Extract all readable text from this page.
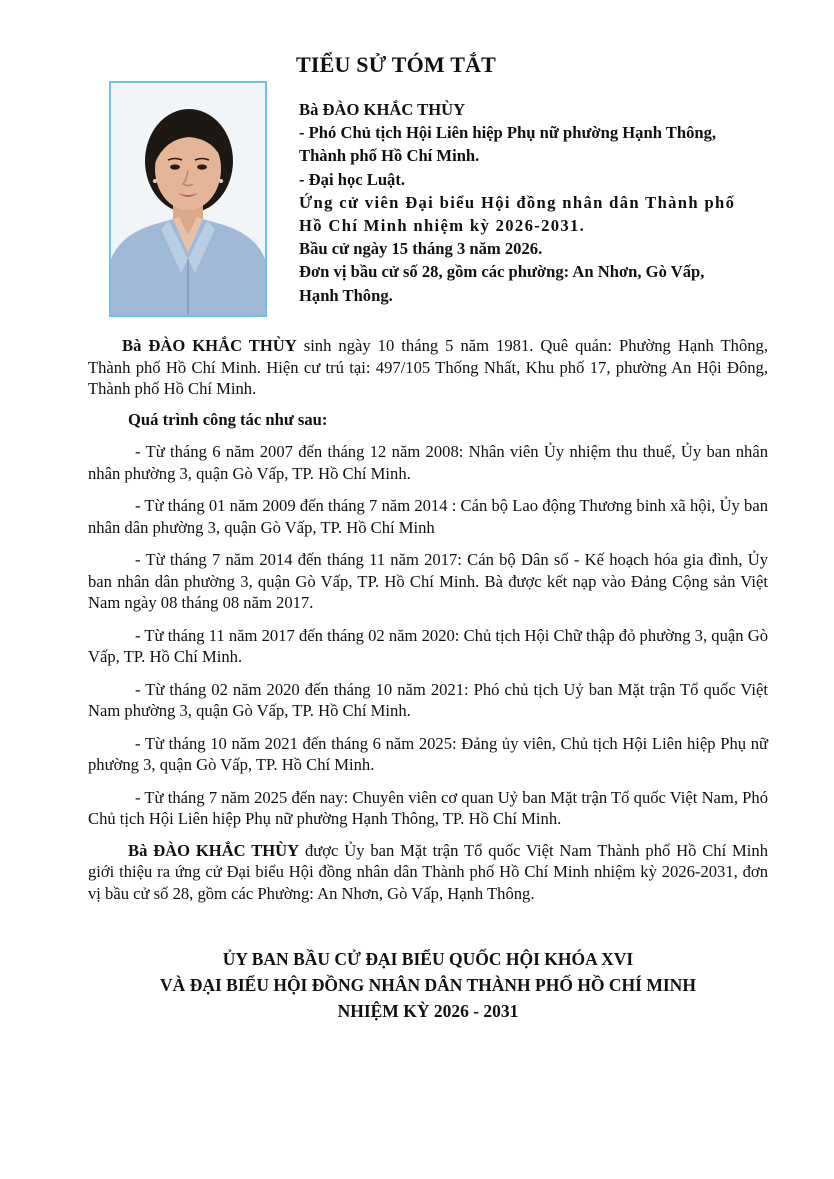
TIỂU SỬ TÓM TẮT
Bà ĐÀO KHẮC THÙY
- Phó Chủ tịch Hội Liên hiệp Phụ nữ phường Hạnh Thông,
Thành phố Hồ Chí Minh.
- Đại học Luật.
Ứng cử viên Đại biểu Hội đồng nhân dân Thành phố
Hồ Chí Minh nhiệm kỳ 2026-2031.
Bầu cử ngày 15 tháng 3 năm 2026.
Đơn vị bầu cử số 28, gồm các phường: An Nhơn, Gò Vấp,
Hạnh Thông.

Bà ĐÀO KHẮC THÙY sinh ngày 10 tháng 5 năm 1981. Quê quán: Phường Hạnh Thông, Thành phố Hồ Chí Minh. Hiện cư trú tại: 497/105 Thống Nhất, Khu phố 17, phường An Hội Đông, Thành phố Hồ Chí Minh.

Quá trình công tác như sau:

- Từ tháng 6 năm 2007 đến tháng 12 năm 2008: Nhân viên Ủy nhiệm thu thuế, Ủy ban nhân nhân phường 3, quận Gò Vấp, TP. Hồ Chí Minh.

- Từ tháng 01 năm 2009 đến tháng 7 năm 2014 : Cán bộ Lao động Thương binh xã hội, Ủy ban nhân dân phường 3, quận Gò Vấp, TP. Hồ Chí Minh

- Từ tháng 7 năm 2014 đến tháng 11 năm 2017: Cán bộ Dân số - Kế hoạch hóa gia đình, Ủy ban nhân dân phường 3, quận Gò Vấp, TP. Hồ Chí Minh. Bà được kết nạp vào Đảng Cộng sản Việt Nam ngày 08 tháng 08 năm 2017.

- Từ tháng 11 năm 2017 đến tháng 02 năm 2020: Chủ tịch Hội Chữ thập đỏ phường 3, quận Gò Vấp, TP. Hồ Chí Minh.

- Từ tháng 02 năm 2020 đến tháng 10 năm 2021: Phó chủ tịch Uỷ ban Mặt trận Tổ quốc Việt Nam phường 3, quận Gò Vấp, TP. Hồ Chí Minh.

- Từ tháng 10 năm 2021 đến tháng 6 năm 2025: Đảng ủy viên, Chủ tịch Hội Liên hiệp Phụ nữ phường 3, quận Gò Vấp, TP. Hồ Chí Minh.

- Từ tháng 7 năm 2025 đến nay: Chuyên viên cơ quan Uỷ ban Mặt trận Tổ quốc Việt Nam, Phó Chủ tịch Hội Liên hiệp Phụ nữ phường Hạnh Thông, TP. Hồ Chí Minh.

Bà ĐÀO KHẮC THÙY được Ủy ban Mặt trận Tổ quốc Việt Nam Thành phố Hồ Chí Minh giới thiệu ra ứng cử Đại biểu Hội đồng nhân dân Thành phố Hồ Chí Minh nhiệm kỳ 2026-2031, đơn vị bầu cử số 28, gồm các Phường: An Nhơn, Gò Vấp, Hạnh Thông.

ỦY BAN BẦU CỬ ĐẠI BIỂU QUỐC HỘI KHÓA XVI
VÀ ĐẠI BIỂU HỘI ĐỒNG NHÂN DÂN THÀNH PHỐ HỒ CHÍ MINH
NHIỆM KỲ 2026 - 2031
